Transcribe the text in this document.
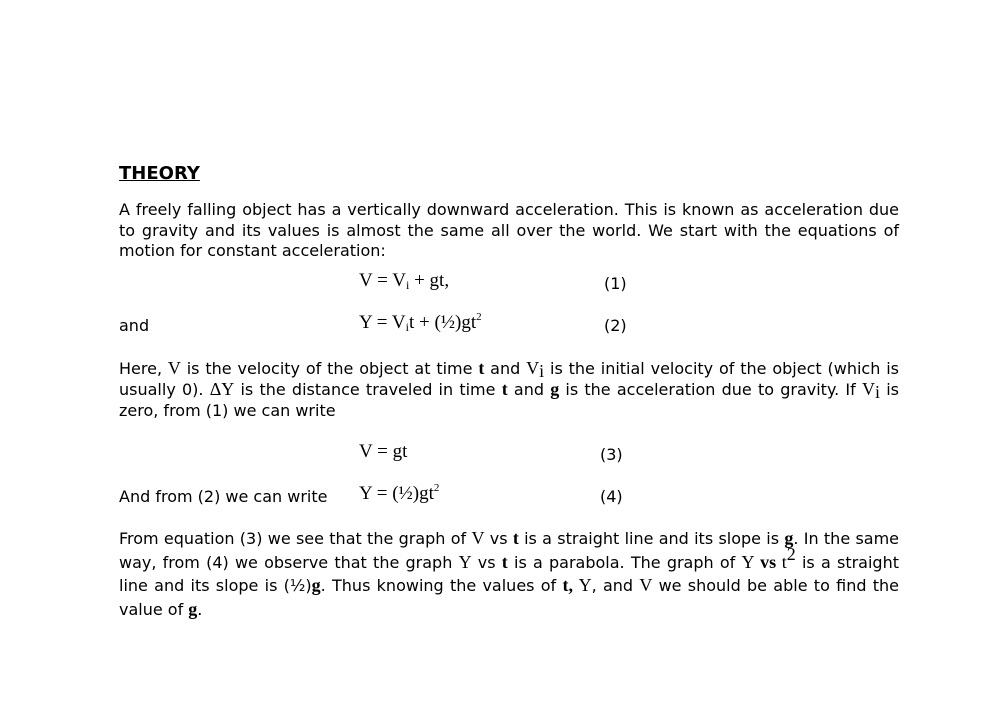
THEORY

A freely falling object has a vertically downward acceleration. This is known as acceleration due to gravity and its values is almost the same all over the world. We start with the equations of motion for constant acceleration:

$V = V_i$ + gt,	(1)
and	$Y = V_it$ + $(\frac{1}{2})gt^2$	(2)

Here, V is the velocity of the object at time t and $V_i$ is the initial velocity of the object (which is usually 0). ΔY is the distance traveled in time t and g is the acceleration due to gravity. If $V_i$ is zero, from (1) we can write

V = gt	(3)
And from (2) we can write $Y = (\frac{1}{2})gt^2$	(4)

From equation (3) we see that the graph of V vs t is a straight line and its slope is g. In the same way, from (4) we observe that the graph Y vs t is a parabola. The graph of Y vs $t^2$ is a straight line and its slope is (½)g. Thus knowing the values of t, Y, and V we should be able to find the value of g.
